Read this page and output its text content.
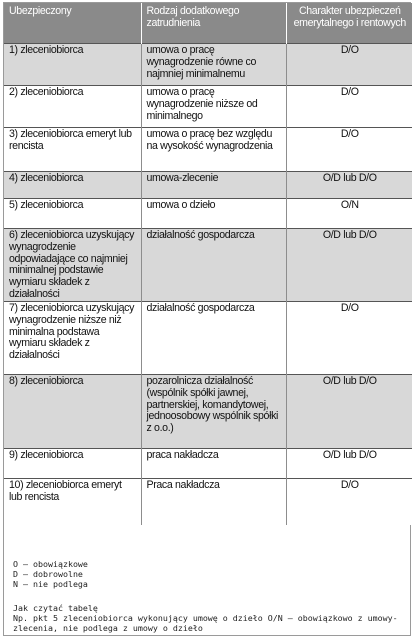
Ubezpieczony	Rodzaj dodatkowego zatrudnienia	Charakter ubezpieczeń emerytalnego i rentowych
1) zleceniobiorca	umowa o pracę wynagrodzenie równe co najmniej minimalnemu	D/O
2) zleceniobiorca	umowa o pracę wynagrodzenie niższe od minimalnego	D/O
3) zleceniobiorca emeryt lub rencista	umowa o pracę bez względu na wysokość wynagrodzenia	D/O
4) zleceniobiorca	umowa-zlecenie	O/D lub D/O
5) zleceniobiorca	umowa o dzieło	O/N
6) zleceniobiorca uzyskujący wynagrodzenie odpowiadające co najmniej minimalnej podstawie wymiaru składek z działalności	działalność gospodarcza	O/D lub D/O
7) zleceniobiorca uzyskujący wynagrodzenie niższe niż minimalna podstawa wymiaru składek z działalności	działalność gospodarcza	D/O
8) zleceniobiorca	pozarolnicza działalność (wspólnik spółki jawnej, partnerskiej, komandytowej, jednoosobowy wspólnik spółki z o.o.)	O/D lub D/O
9) zleceniobiorca	praca nakładcza	O/D lub D/O
10) zleceniobiorca emeryt lub rencista	Praca nakładcza	D/O
O – obowiązkowe
D – dobrowolne
N – nie podlega
Jak czytać tabelę
Np. pkt 5 zleceniobiorca wykonujący umowę o dzieło O/N – obowiązkowo z umowy-zlecenia, nie podlega z umowy o dzieło
